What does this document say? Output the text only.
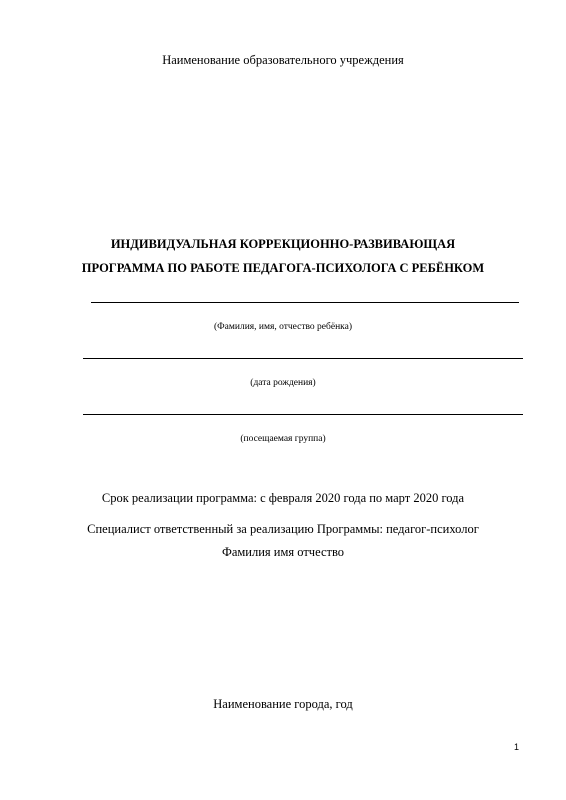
Наименование образовательного учреждения
ИНДИВИДУАЛЬНАЯ КОРРЕКЦИОННО-РАЗВИВАЮЩАЯ
ПРОГРАММА ПО РАБОТЕ ПЕДАГОГА-ПСИХОЛОГА С РЕБЁНКОМ
(Фамилия, имя, отчество ребёнка)
(дата рождения)
(посещаемая группа)
Срок реализации программа: с февраля 2020 года по март 2020 года
Специалист ответственный за реализацию Программы: педагог-психолог
Фамилия имя отчество
Наименование города, год
1
